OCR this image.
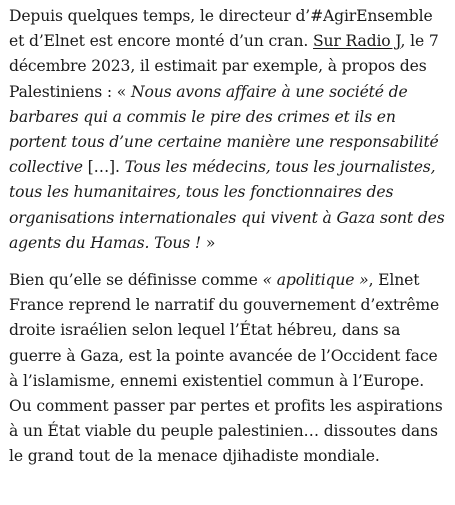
Depuis quelques temps, le directeur d’#AgirEnsemble et d’Elnet est encore monté d’un cran. Sur Radio J, le 7 décembre 2023, il estimait par exemple, à propos des Palestiniens : « Nous avons affaire à une société de barbares qui a commis le pire des crimes et ils en portent tous d’une certaine manière une responsabilité collective […]. Tous les médecins, tous les journalistes, tous les humanitaires, tous les fonctionnaires des organisations internationales qui vivent à Gaza sont des agents du Hamas. Tous ! »

Bien qu’elle se définisse comme « apolitique », Elnet France reprend le narratif du gouvernement d’extrême droite israélien selon lequel l’État hébreu, dans sa guerre à Gaza, est la pointe avancée de l’Occident face à l’islamisme, ennemi existentiel commun à l’Europe. Ou comment passer par pertes et profits les aspirations à un État viable du peuple palestinien… dissoutes dans le grand tout de la menace djihadiste mondiale.
